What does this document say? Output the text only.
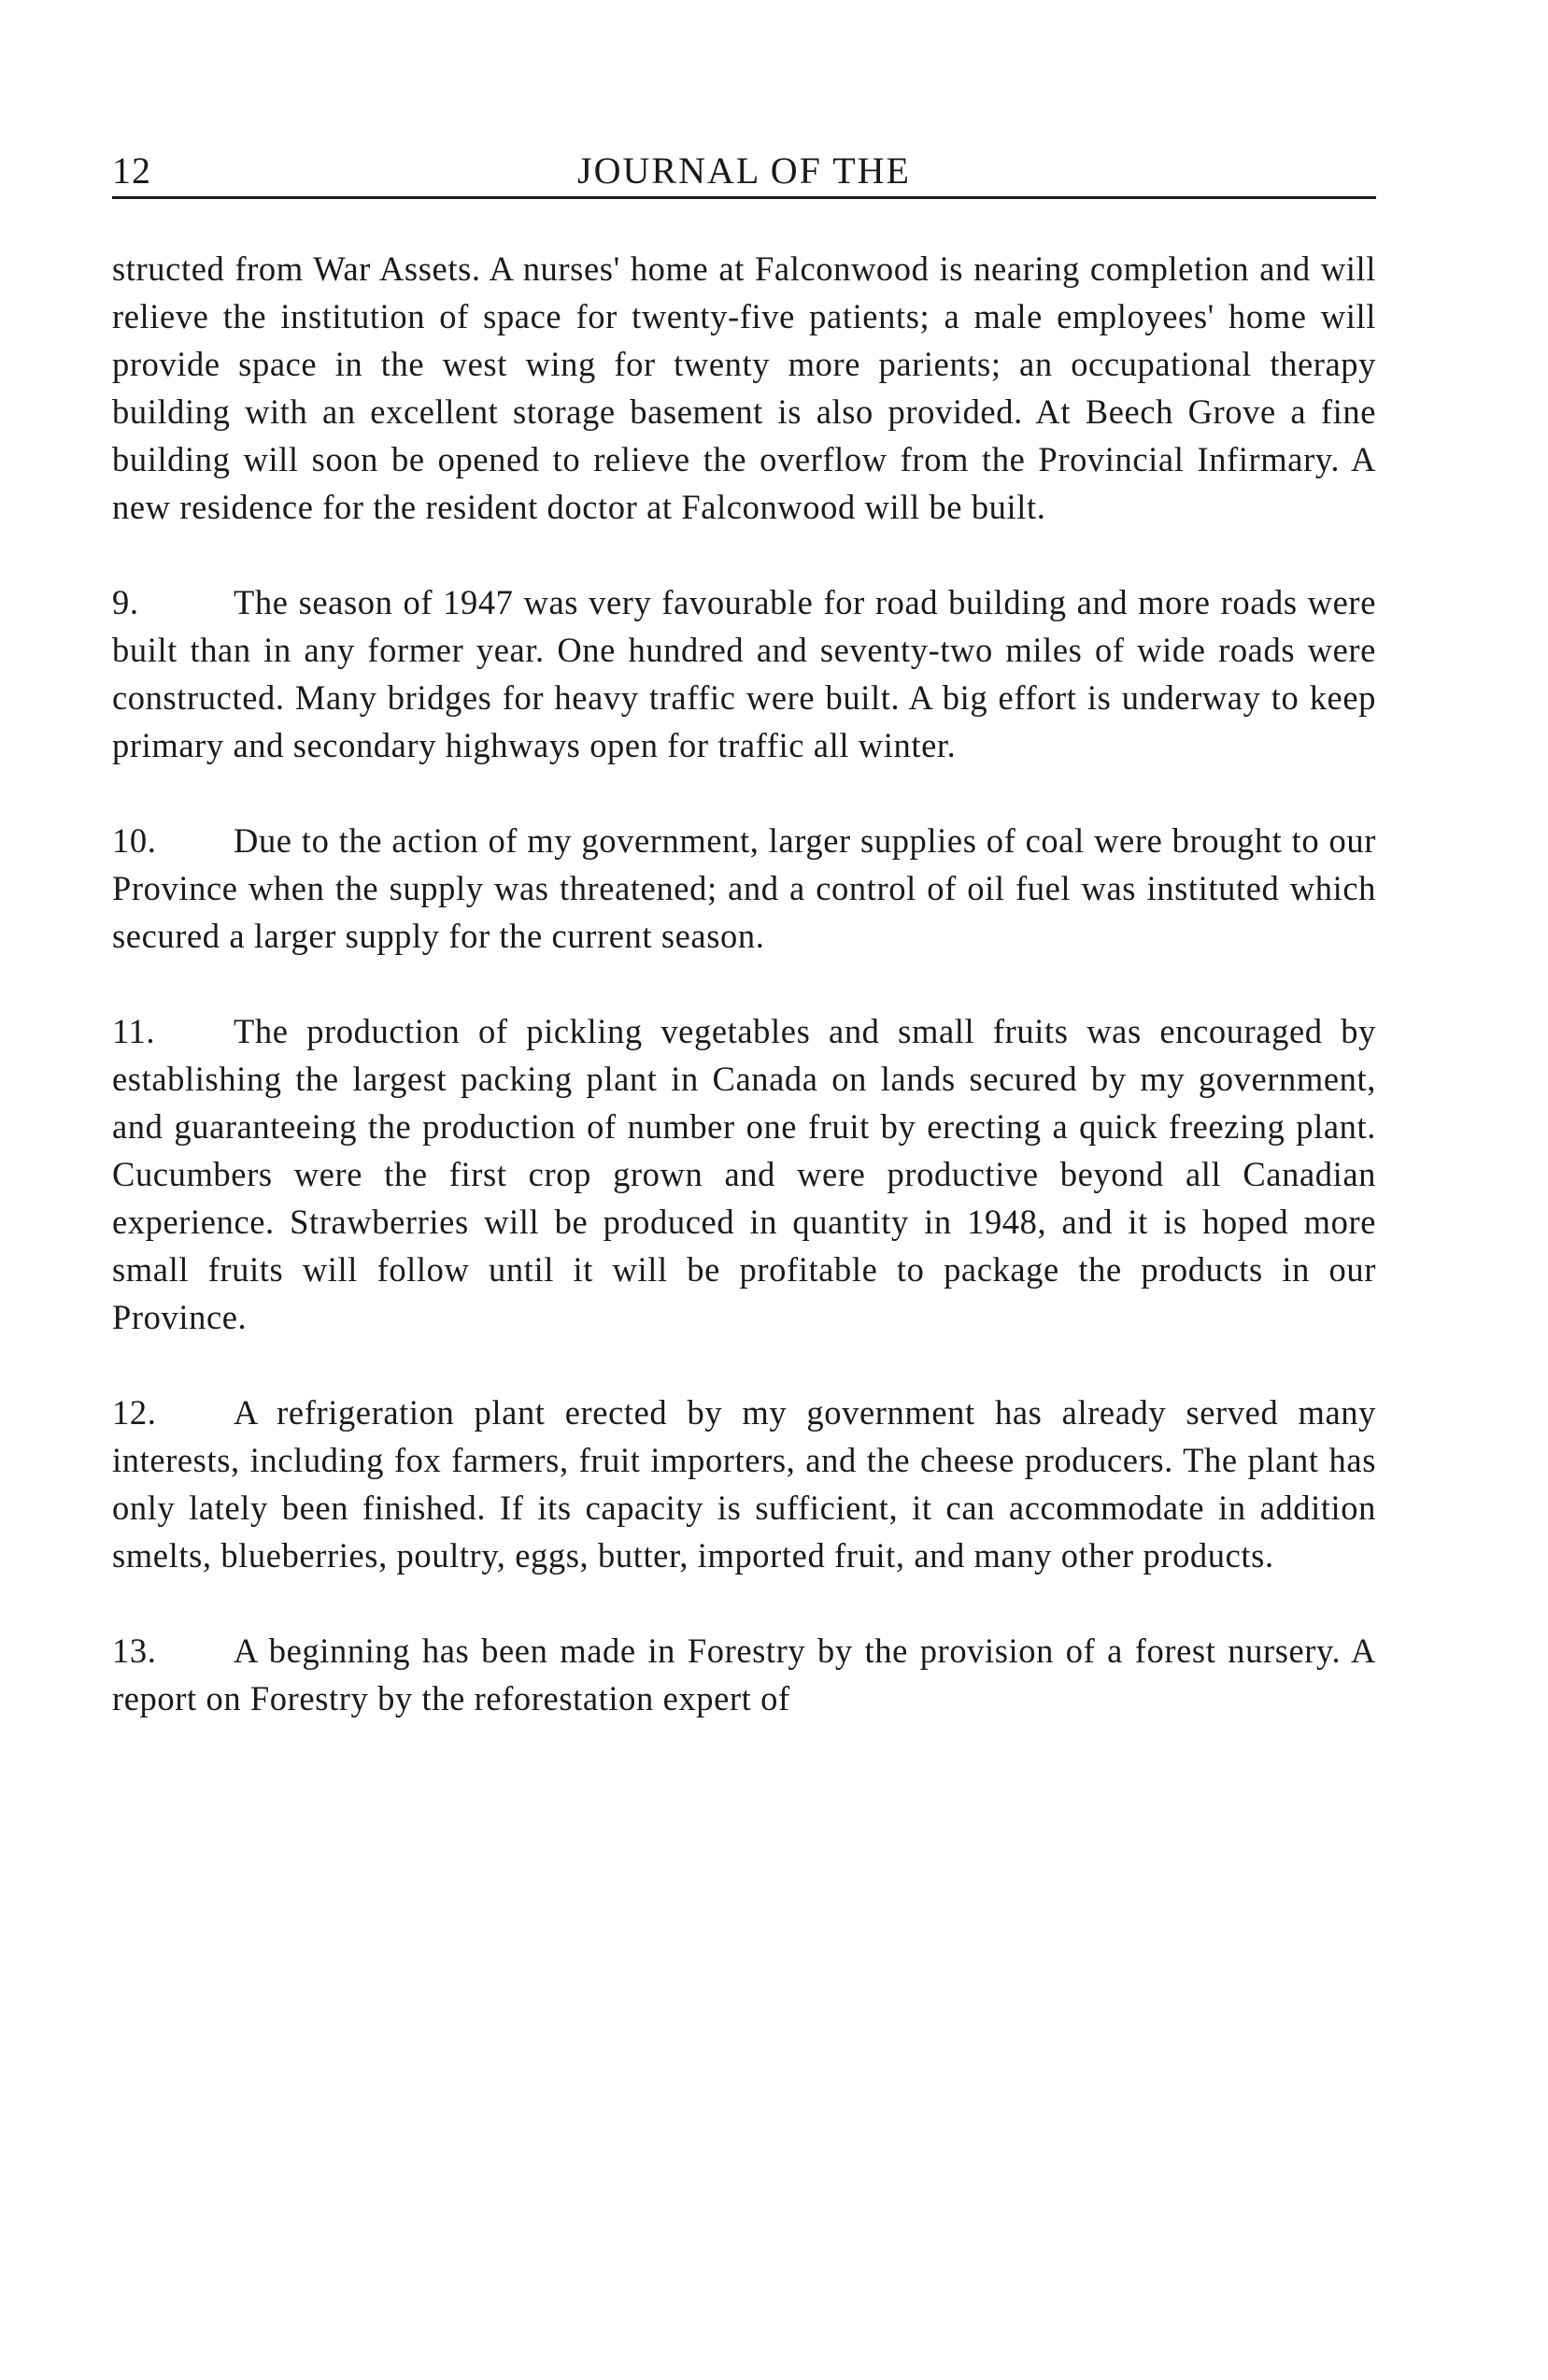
12	JOURNAL OF THE

structed from War Assets. A nurses' home at Falconwood is nearing completion and will relieve the institution of space for twenty-five patients; a male employees' home will provide space in the west wing for twenty more parients; an occupational therapy building with an excellent storage basement is also provided. At Beech Grove a fine building will soon be opened to relieve the overflow from the Provincial Infirmary. A new residence for the resident doctor at Falconwood will be built.

9.	The season of 1947 was very favourable for road building and more roads were built than in any former year. One hundred and seventy-two miles of wide roads were constructed. Many bridges for heavy traffic were built. A big effort is underway to keep primary and secondary highways open for traffic all winter.

10. Due to the action of my government, larger supplies of coal were brought to our Province when the supply was threatened; and a control of oil fuel was instituted which secured a larger supply for the current season.

11. The production of pickling vegetables and small fruits was encouraged by establishing the largest packing plant in Canada on lands secured by my government, and guaranteeing the production of number one fruit by erecting a quick freezing plant. Cucumbers were the first crop grown and were productive beyond all Canadian experience. Strawberries will be produced in quantity in 1948, and it is hoped more small fruits will follow until it will be profitable to package the products in our Province.

12. A refrigeration plant erected by my government has already served many interests, including fox farmers, fruit importers, and the cheese producers. The plant has only lately been finished. If its capacity is sufficient, it can accommodate in addition smelts, blueberries, poultry, eggs, butter, imported fruit, and many other products.

13. A beginning has been made in Forestry by the provision of a forest nursery. A report on Forestry by the reforestation expert of
